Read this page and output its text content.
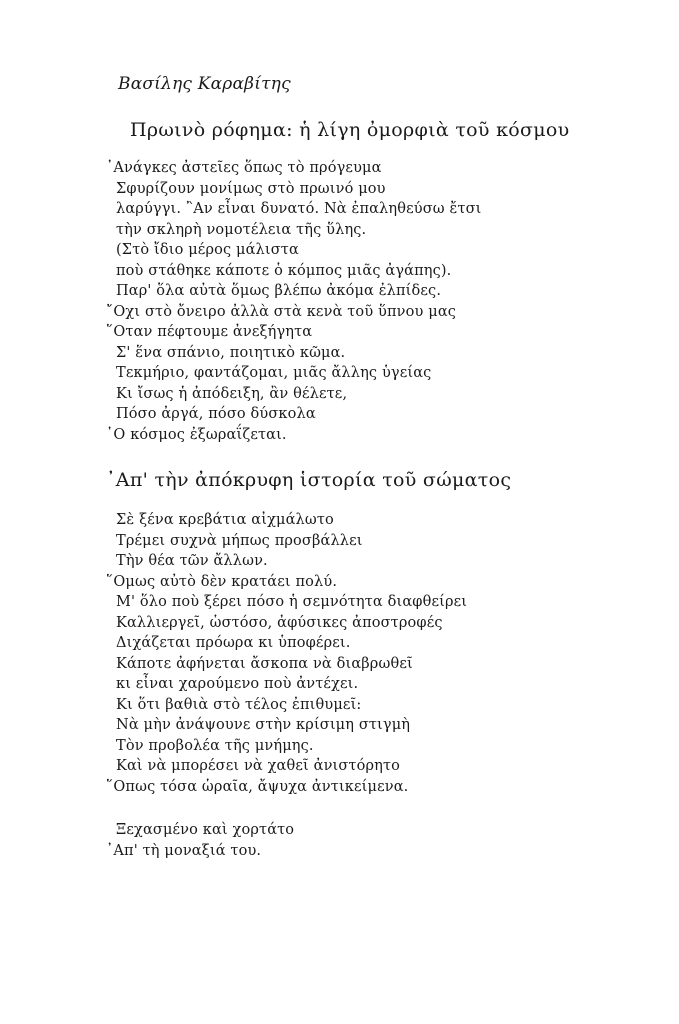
Βασίλης Καραβίτης
Πρωινὸ ρόφημα: ἡ λίγη ὀμορφιὰ τοῦ κόσμου
᾿Ανάγκες ἀστεῖες ὅπως τὸ πρόγευμα
Σφυρίζουν μονίμως στὸ πρωινό μου
λαρύγγι. ῍Αν εἶναι δυνατό. Νὰ ἐπαληθεύσω ἔτσι
τὴν σκληρὴ νομοτέλεια τῆς ὕλης.
(Στὸ ἴδιο μέρος μάλιστα
ποὺ στάθηκε κάποτε ὁ κόμπος μιᾶς ἀγάπης).
Παρ' ὅλα αὐτὰ ὅμως βλέπω ἀκόμα ἐλπίδες.
῎Οχι στὸ ὄνειρο ἀλλὰ στὰ κενὰ τοῦ ὕπνου μας
῞Οταν πέφτουμε ἀνεξήγητα
Σ' ἕνα σπάνιο, ποιητικὸ κῶμα.
Τεκμήριο, φαντάζομαι, μιᾶς ἄλλης ὑγείας
Κι ἴσως ἡ ἀπόδειξη, ἂν θέλετε,
Πόσο ἀργά, πόσο δύσκολα
῾Ο κόσμος ἐξωραΐζεται.
᾿Απ' τὴν ἀπόκρυφη ἱστορία τοῦ σώματος
Σὲ ξένα κρεβάτια αἰχμάλωτο
Τρέμει συχνὰ μήπως προσβάλλει
Τὴν θέα τῶν ἄλλων.
῞Ομως αὐτὸ δὲν κρατάει πολύ.
Μ' ὅλο ποὺ ξέρει πόσο ἡ σεμνότητα διαφθείρει
Καλλιεργεῖ, ὡστόσο, ἀφύσικες ἀποστροφές
Διχάζεται πρόωρα κι ὑποφέρει.
Κάποτε ἀφήνεται ἄσκοπα νὰ διαβρωθεῖ
κι εἶναι χαρούμενο ποὺ ἀντέχει.
Κι ὅτι βαθιὰ στὸ τέλος ἐπιθυμεῖ:
Νὰ μὴν ἀνάψουνε στὴν κρίσιμη στιγμὴ
Τὸν προβολέα τῆς μνήμης.
Καὶ νὰ μπορέσει νὰ χαθεῖ ἀνιστόρητο
῞Οπως τόσα ὡραῖα, ἄψυχα ἀντικείμενα.
Ξεχασμένο καὶ χορτάτο
᾿Απ' τὴ μοναξιά του.
